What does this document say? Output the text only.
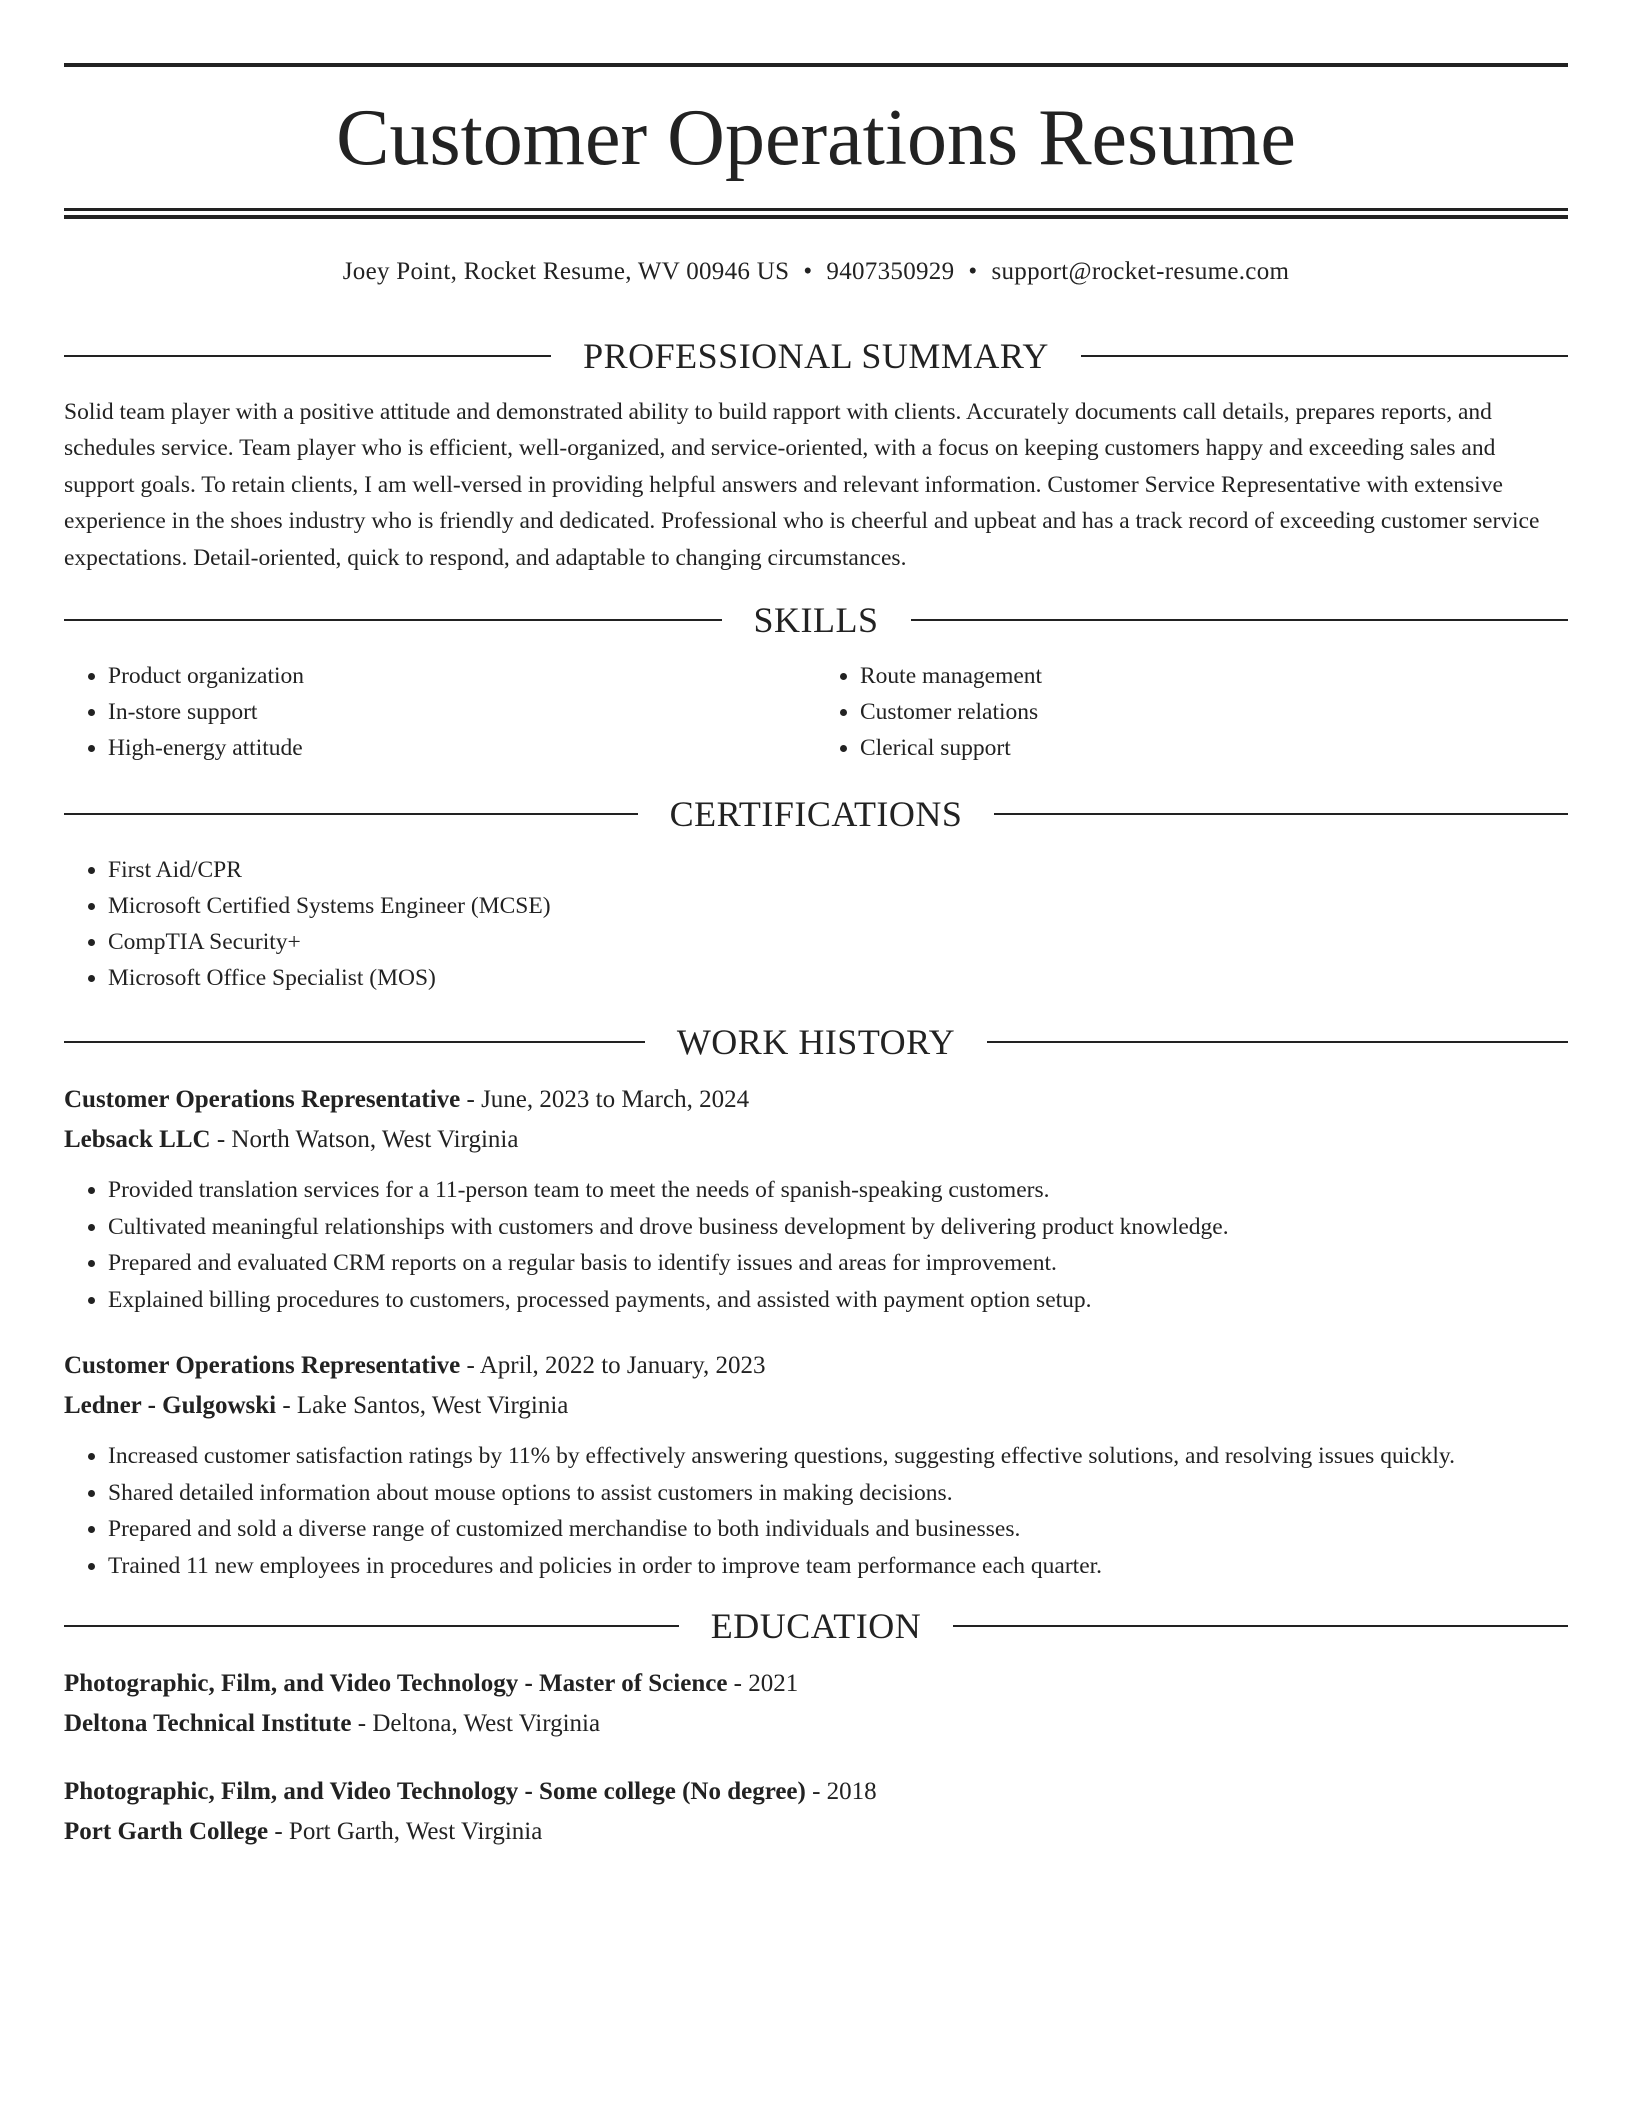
Customer Operations Resume
Joey Point, Rocket Resume, WV 00946 US • 9407350929 • support@rocket-resume.com
PROFESSIONAL SUMMARY

Solid team player with a positive attitude and demonstrated ability to build rapport with clients. Accurately documents call details, prepares reports, and schedules service. Team player who is efficient, well-organized, and service-oriented, with a focus on keeping customers happy and exceeding sales and support goals. To retain clients, I am well-versed in providing helpful answers and relevant information. Customer Service Representative with extensive experience in the shoes industry who is friendly and dedicated. Professional who is cheerful and upbeat and has a track record of exceeding customer service expectations. Detail-oriented, quick to respond, and adaptable to changing circumstances.

SKILLS
• Product organization
• In-store support
• High-energy attitude
• Route management
• Customer relations
• Clerical support
CERTIFICATIONS
• First Aid/CPR
• Microsoft Certified Systems Engineer (MCSE)
• CompTIA Security+
• Microsoft Office Specialist (MOS)
WORK HISTORY
Customer Operations Representative - June, 2023 to March, 2024
Lebsack LLC - North Watson, West Virginia
• Provided translation services for a 11-person team to meet the needs of spanish-speaking customers.
• Cultivated meaningful relationships with customers and drove business development by delivering product knowledge.
• Prepared and evaluated CRM reports on a regular basis to identify issues and areas for improvement.
• Explained billing procedures to customers, processed payments, and assisted with payment option setup.
Customer Operations Representative - April, 2022 to January, 2023
Ledner - Gulgowski - Lake Santos, West Virginia
• Increased customer satisfaction ratings by 11% by effectively answering questions, suggesting effective solutions, and resolving issues quickly.
• Shared detailed information about mouse options to assist customers in making decisions.
• Prepared and sold a diverse range of customized merchandise to both individuals and businesses.
• Trained 11 new employees in procedures and policies in order to improve team performance each quarter.
EDUCATION
Photographic, Film, and Video Technology - Master of Science - 2021
Deltona Technical Institute - Deltona, West Virginia
Photographic, Film, and Video Technology - Some college (No degree) - 2018
Port Garth College - Port Garth, West Virginia
